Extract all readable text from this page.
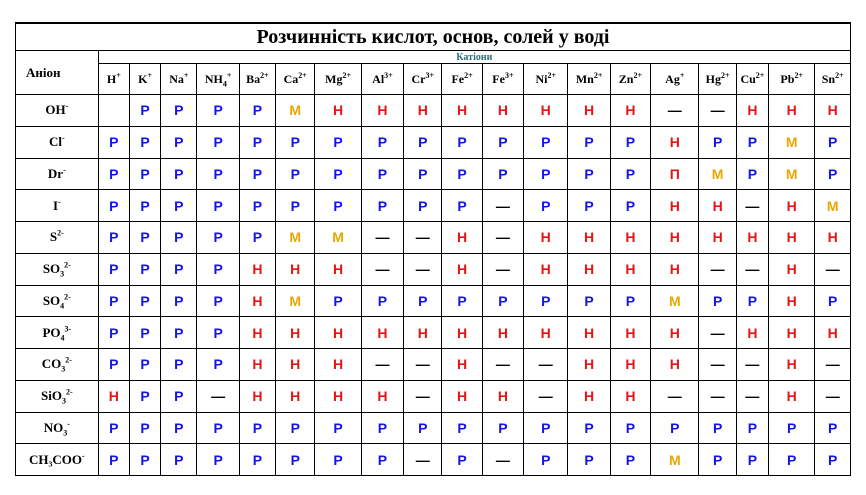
Розчинність кислот, основ, солей у воді																			
Аніон	Катіони																		
	H+	K+	Na+	$NH_4^+$	$Ba^{2+}$	$Ca^{2+}$	$Mg^{2+}$	$Al^{3+}$	$Cr^{3+}$	$Fe^{2+}$	$Fe^{3+}$	$Ni^{2+}$	$Mn^{2+}$	$Zn^{2+}$	Ag+	$Hg^{2+}$	$Cu^{2+}$	$Pb^{2+}$	$Sn^{2+}$
OH-		Р	Р	Р	Р	М	Н	Н	Н	Н	Н	Н	Н	Н	—	—	Н	Н	Н
Cl-	Р	Р	Р	Р	Р	Р	Р	Р	Р	Р	Р	Р	Р	Р	Н	Р	Р	М	Р
Dr-	Р	Р	Р	Р	Р	Р	Р	Р	Р	Р	Р	Р	Р	Р	П	М	Р	М	Р
I-	Р	Р	Р	Р	Р	Р	Р	Р	Р	Р	—	Р	Р	Р	Н	Н	—	Н	М
$S^{2-}$	Р	Р	Р	Р	Р	М	М	—	—	Н	—	Н	Н	Н	Н	Н	Н	Н	Н
$SO_3^{2-}$	Р	Р	Р	Р	Н	Н	Н	—	—	Н	—	Н	Н	Н	Н	—	—	Н	—
$SO_4^{2-}$	Р	Р	Р	Р	Н	М	Р	Р	Р	Р	Р	Р	Р	Р	М	Р	Р	Н	Р
$PO_4^{3-}$	Р	Р	Р	Р	Н	Н	Н	Н	Н	Н	Н	Н	Н	Н	Н	—	Н	Н	Н
$CO_3^{2-}$	Р	Р	Р	Р	Н	Н	Н	—	—	Н	—	—	Н	Н	Н	—	—	Н	—
SiO$_3^{2-}$	Н	Р	Р	—	Н	Н	Н	Н	—	Н	Н	—	Н	Н	—	—	—	Н	—
$NO_3^-$	Р	Р	Р	Р	Р	Р	Р	Р	Р	Р	Р	Р	Р	Р	Р	Р	Р	Р	Р
CH₃COO-	Р	Р	Р	Р	Р	Р	Р	Р	—	Р	—	Р	Р	Р	М	Р	Р	Р	Р
